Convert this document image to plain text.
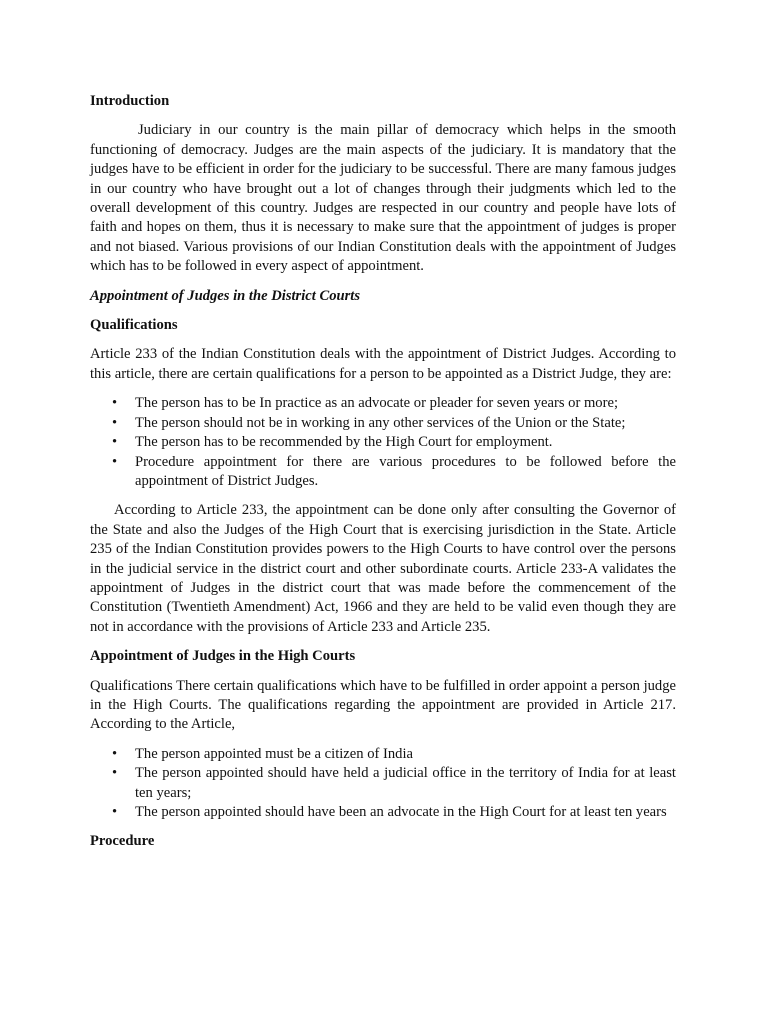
Introduction

Judiciary in our country is the main pillar of democracy which helps in the smooth functioning of democracy. Judges are the main aspects of the judiciary. It is mandatory that the judges have to be efficient in order for the judiciary to be successful. There are many famous judges in our country who have brought out a lot of changes through their judgments which led to the overall development of this country. Judges are respected in our country and people have lots of faith and hopes on them, thus it is necessary to make sure that the appointment of judges is proper and not biased. Various provisions of our Indian Constitution deals with the appointment of Judges which has to be followed in every aspect of appointment.

Appointment of Judges in the District Courts
Qualifications

Article 233 of the Indian Constitution deals with the appointment of District Judges. According to this article, there are certain qualifications for a person to be appointed as a District Judge, they are:

• The person has to be In practice as an advocate or pleader for seven years or more;
• The person should not be in working in any other services of the Union or the State;
• The person has to be recommended by the High Court for employment.
• Procedure appointment for there are various procedures to be followed before the appointment of District Judges.

According to Article 233, the appointment can be done only after consulting the Governor of the State and also the Judges of the High Court that is exercising jurisdiction in the State. Article 235 of the Indian Constitution provides powers to the High Courts to have control over the persons in the judicial service in the district court and other subordinate courts. Article 233-A validates the appointment of Judges in the district court that was made before the commencement of the Constitution (Twentieth Amendment) Act, 1966 and they are held to be valid even though they are not in accordance with the provisions of Article 233 and Article 235.

Appointment of Judges in the High Courts

Qualifications There certain qualifications which have to be fulfilled in order appoint a person judge in the High Courts. The qualifications regarding the appointment are provided in Article 217. According to the Article,

• The person appointed must be a citizen of India
• The person appointed should have held a judicial office in the territory of India for at least ten years;
• The person appointed should have been an advocate in the High Court for at least ten years
Procedure
